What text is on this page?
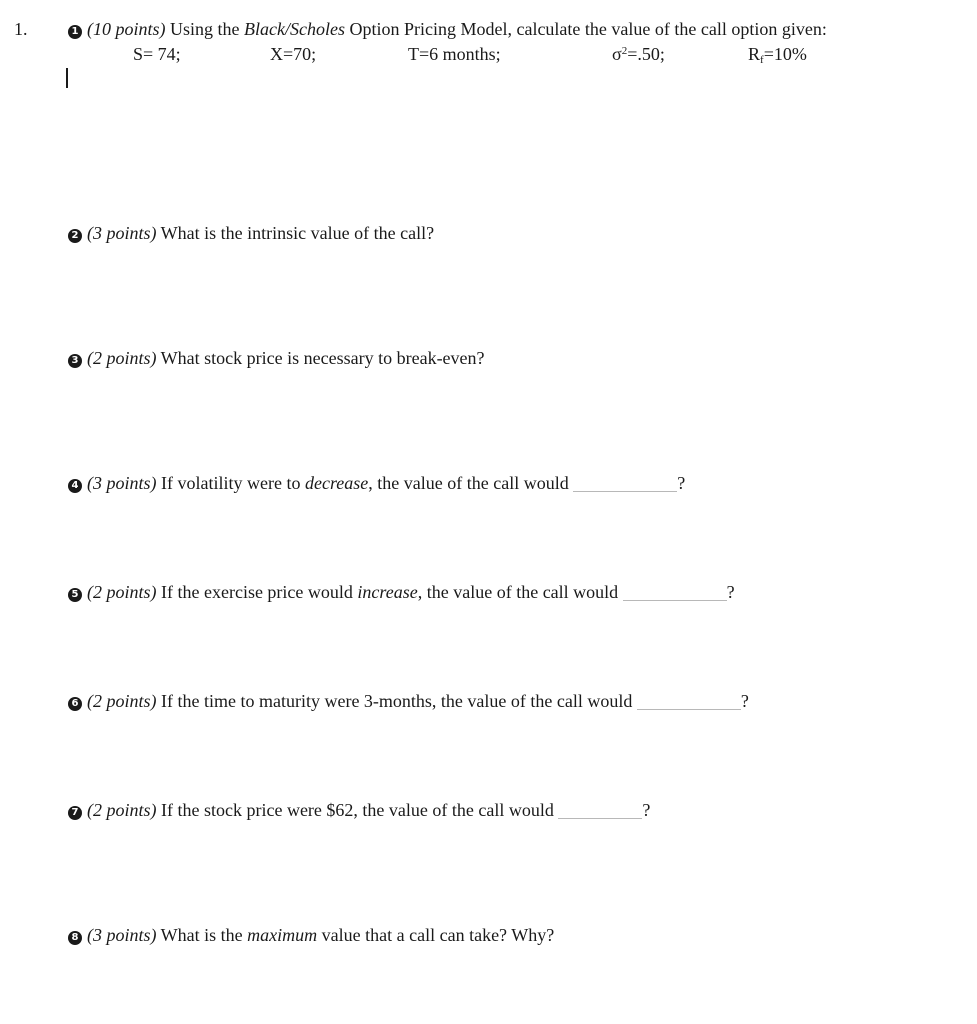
1.	1 (10 points) Using the Black/Scholes Option Pricing Model, calculate the value of the call option given:
S= 74;	X=70;	T=6 months;	$\sigma^2=.50$;	$R_f=10\%$
2 (3 points) What is the intrinsic value of the call?
3 (2 points) What stock price is necessary to break-even?
4 (3 points) If volatility were to decrease, the value of the call would	?
5 (2 points) If the exercise price would increase, the value of the call would	?
6 (2 points) If the time to maturity were 3-months, the value of the call would	?
7 (2 points) If the stock price were $62, the value of the call would	?
8 (3 points) What is the maximum value that a call can take? Why?
